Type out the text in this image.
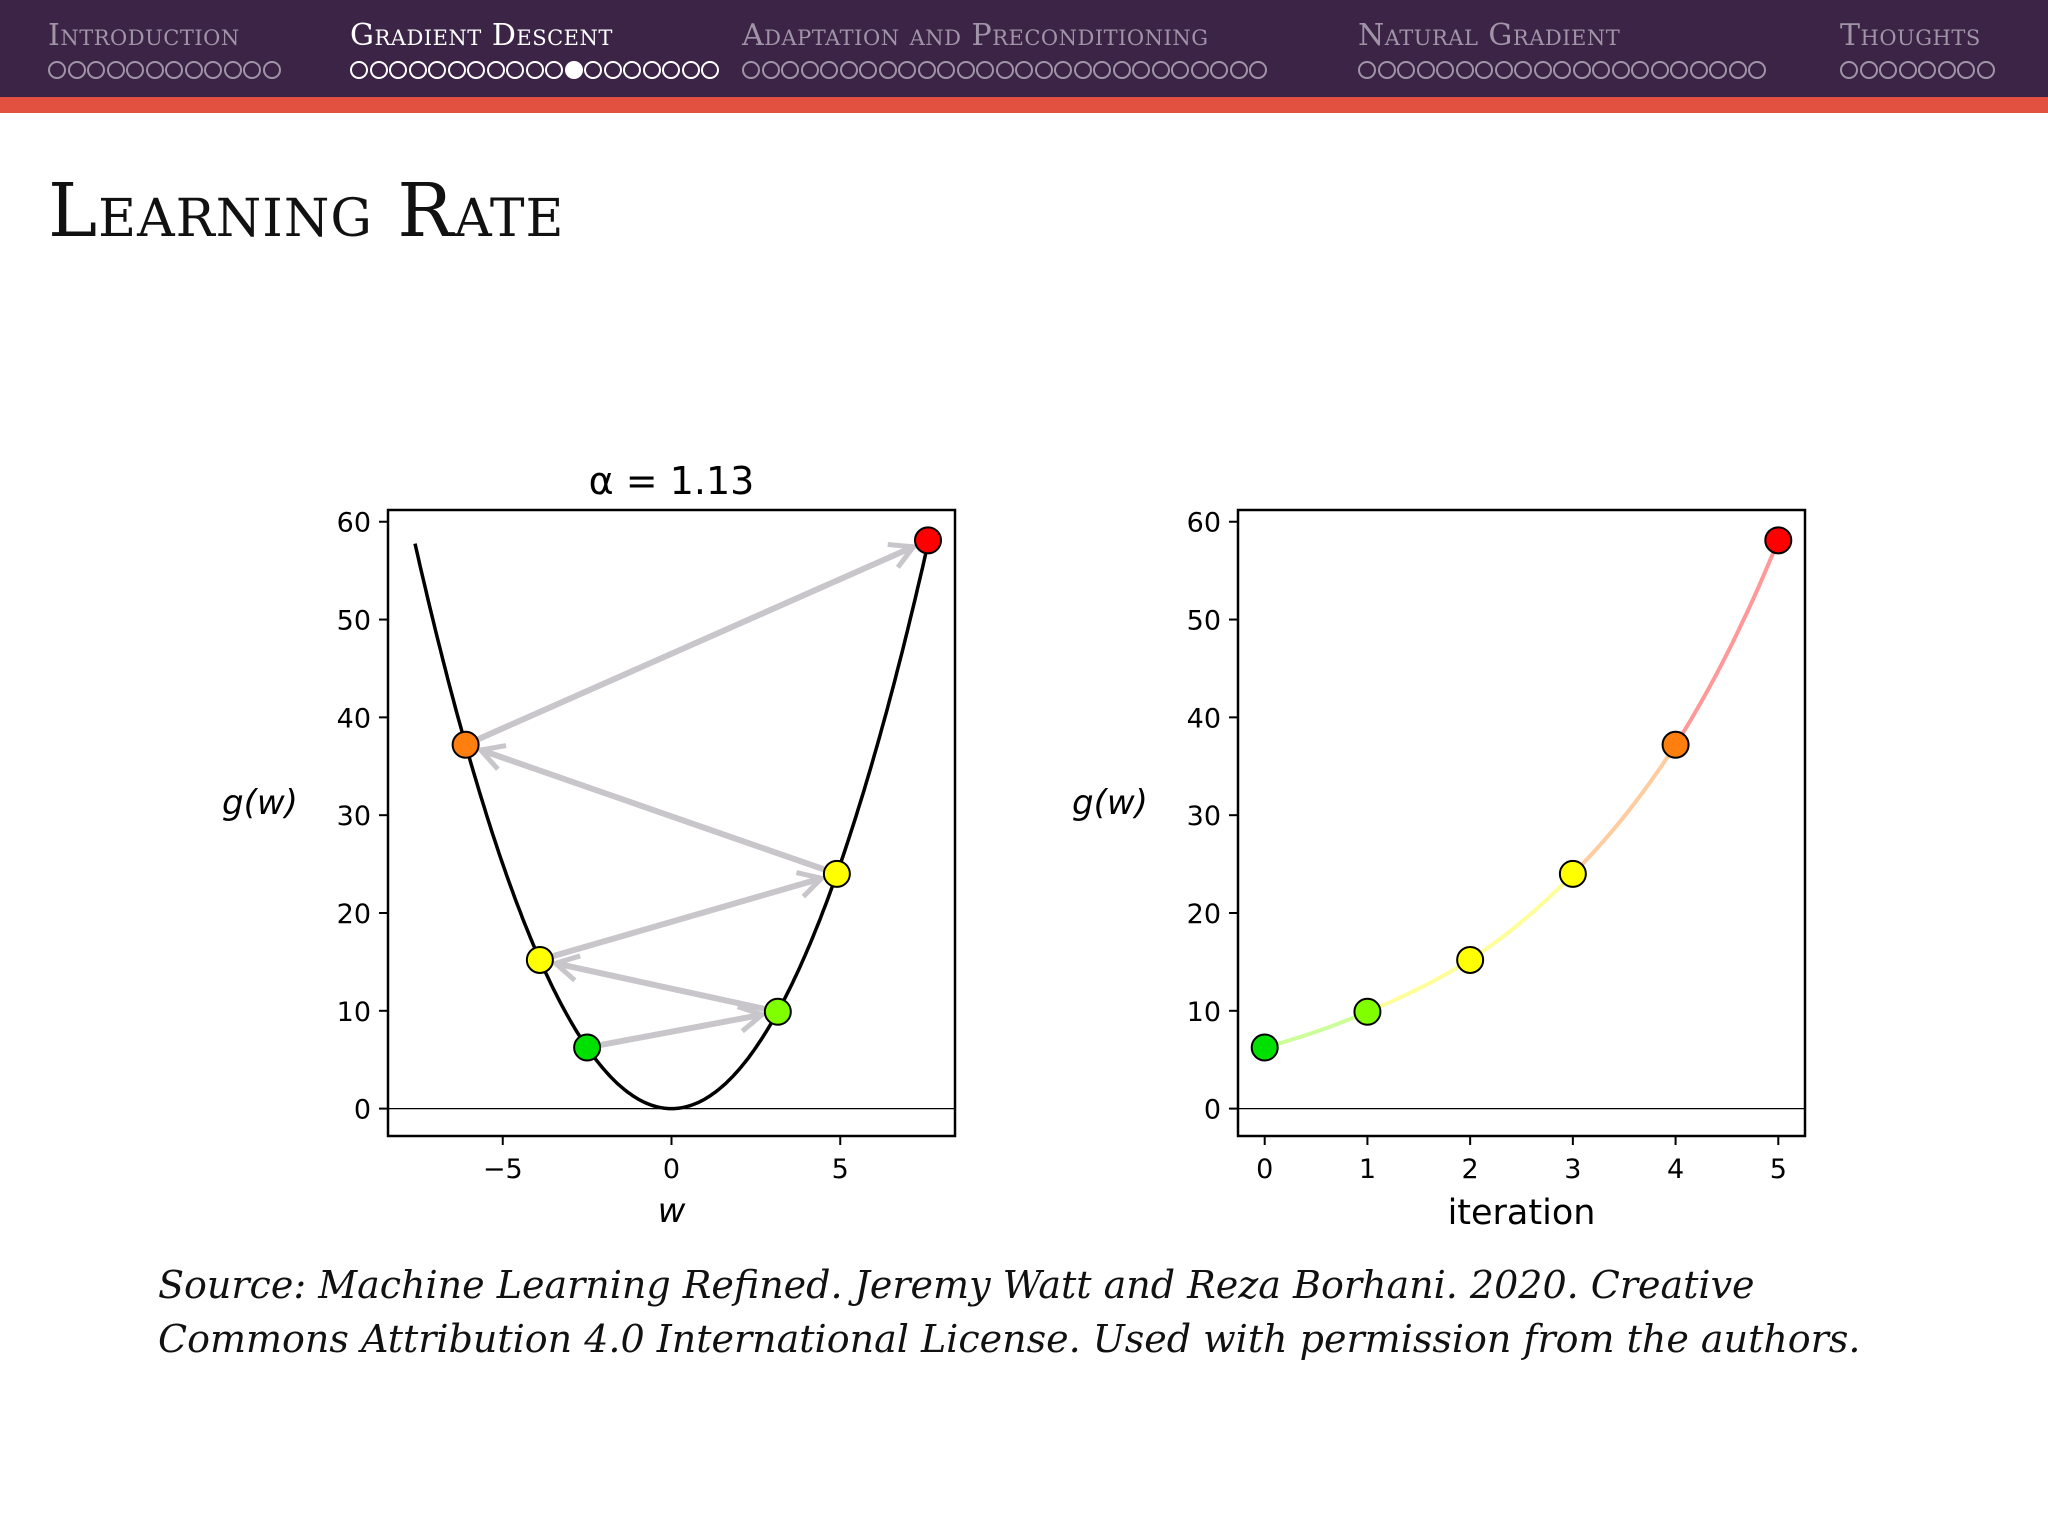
Introduction	Gradient Descent	Adaptation and Preconditioning	Natural Gradient	Thoughts
Learning Rate
0
10
20
30
40
50
60
−5	0	5
α = 1.13
w
g(w)
0
10
20
30
40
50
60
0	1	2	3	4	5
iteration
g(w)
Source: Machine Learning Refined. Jeremy Watt and Reza Borhani. 2020. Creative Commons Attribution 4.0 International License. Used with permission from the authors.
